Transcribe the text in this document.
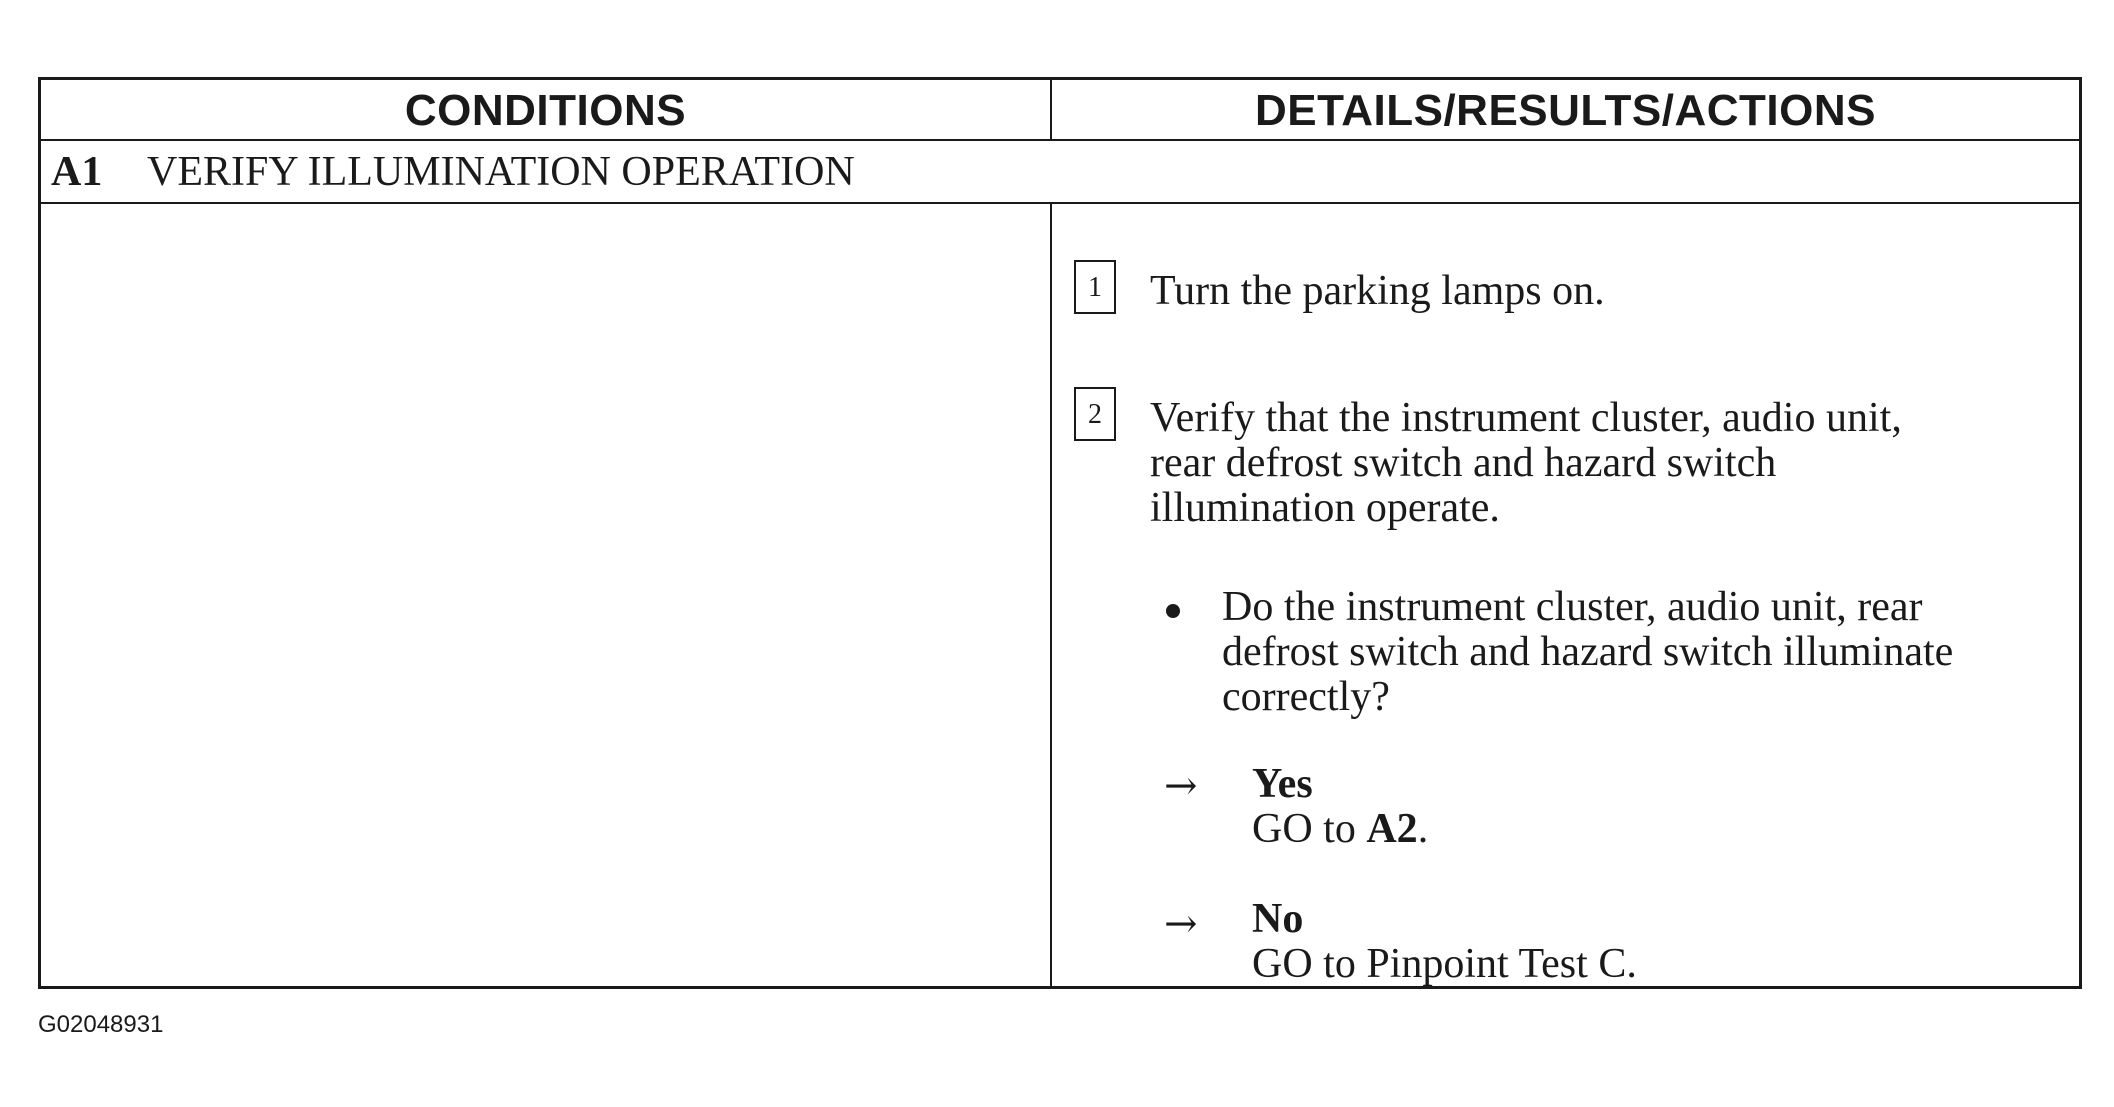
CONDITIONS	DETAILS/RESULTS/ACTIONS
A1	VERIFY ILLUMINATION OPERATION
1	Turn the parking lamps on.
2	Verify that the instrument cluster, audio unit,
rear defrost switch and hazard switch
illumination operate.
Do the instrument cluster, audio unit, rear
defrost switch and hazard switch illuminate
correctly?
→ Yes
GO to A2.
→ No
GO to Pinpoint Test C.
G02048931
